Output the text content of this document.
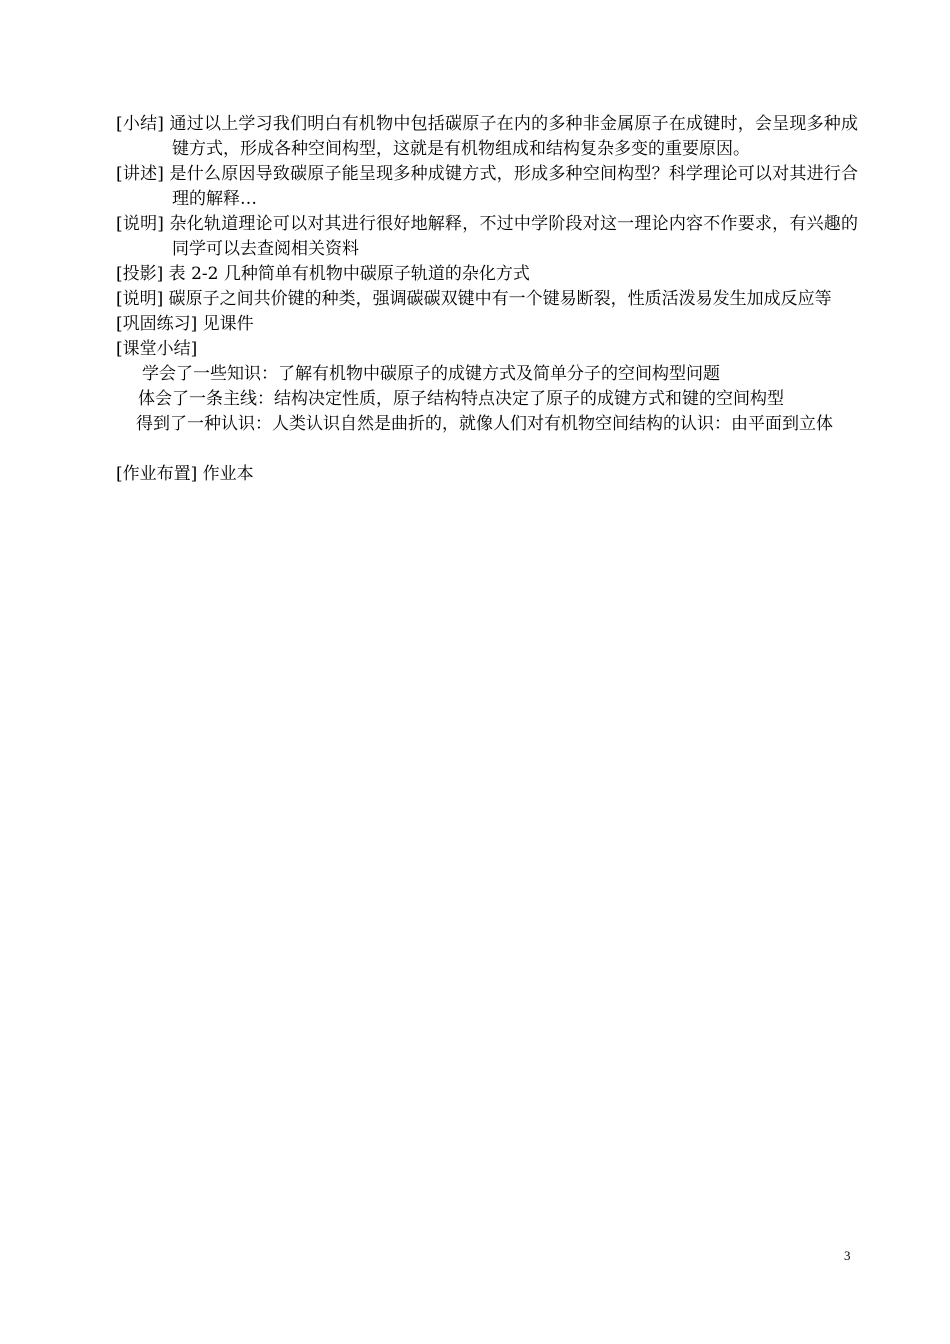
[小结] 通过以上学习我们明白有机物中包括碳原子在内的多种非金属原子在成键时，会呈现多种成键方式，形成各种空间构型，这就是有机物组成和结构复杂多变的重要原因。

[讲述] 是什么原因导致碳原子能呈现多种成键方式，形成多种空间构型？科学理论可以对其进行合理的解释…

[说明] 杂化轨道理论可以对其进行很好地解释，不过中学阶段对这一理论内容不作要求，有兴趣的同学可以去查阅相关资料

[投影] 表 2-2 几种简单有机物中碳原子轨道的杂化方式

[说明] 碳原子之间共价键的种类，强调碳碳双键中有一个键易断裂，性质活泼易发生加成反应等

[巩固练习] 见课件

[课堂小结]

学会了一些知识：了解有机物中碳原子的成键方式及简单分子的空间构型问题

体会了一条主线：结构决定性质，原子结构特点决定了原子的成键方式和键的空间构型

得到了一种认识：人类认识自然是曲折的，就像人们对有机物空间结构的认识：由平面到立体

[作业布置] 作业本

3
